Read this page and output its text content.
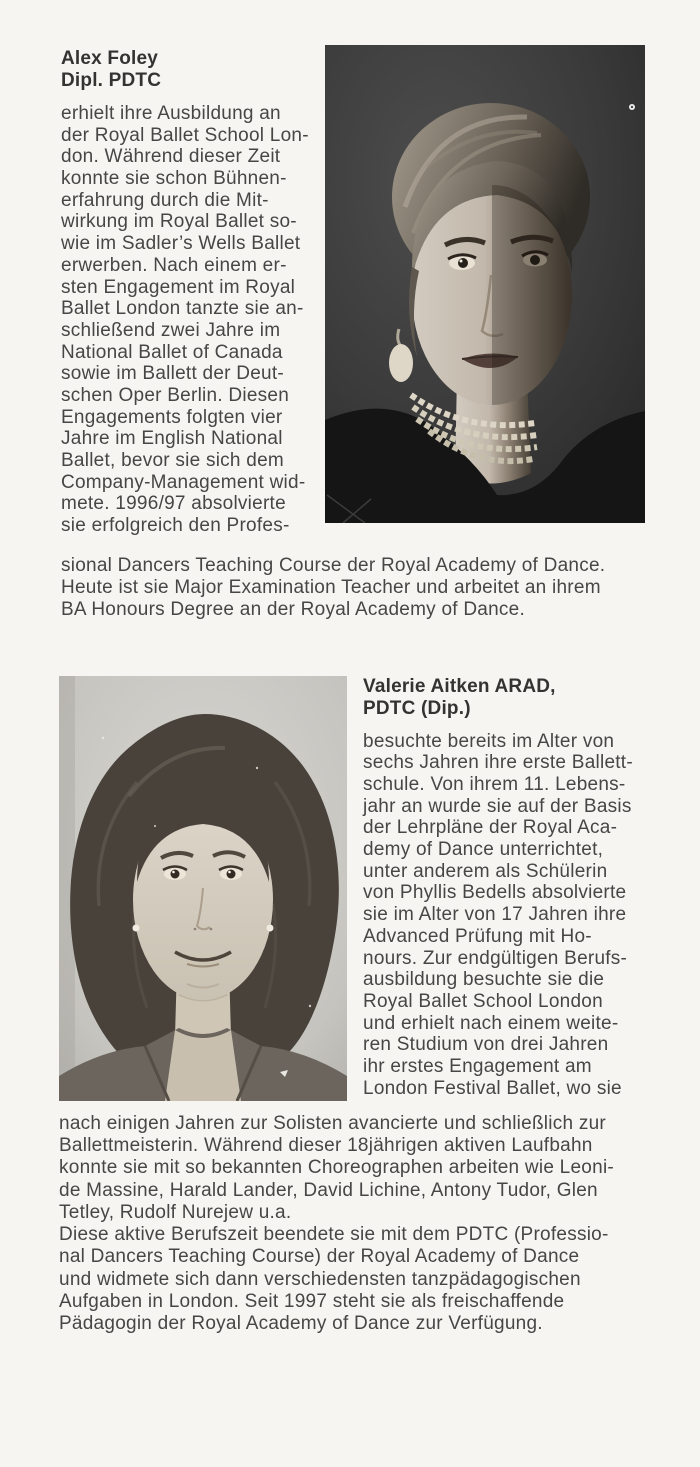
Alex Foley
Dipl. PDTC
erhielt ihre Ausbildung an
der Royal Ballet School Lon-
don. Während dieser Zeit
konnte sie schon Bühnen-
erfahrung durch die Mit-
wirkung im Royal Ballet so-
wie im Sadler’s Wells Ballet
erwerben. Nach einem er-
sten Engagement im Royal
Ballet London tanzte sie an-
schließend zwei Jahre im
National Ballet of Canada
sowie im Ballett der Deut-
schen Oper Berlin. Diesen
Engagements folgten vier
Jahre im English National
Ballet, bevor sie sich dem
Company-Management wid-
mete. 1996/97 absolvierte
sie erfolgreich den Profes-
sional Dancers Teaching Course der Royal Academy of Dance.
Heute ist sie Major Examination Teacher und arbeitet an ihrem
BA Honours Degree an der Royal Academy of Dance.
Valerie Aitken ARAD,
PDTC (Dip.)
besuchte bereits im Alter von
sechs Jahren ihre erste Ballett-
schule. Von ihrem 11. Lebens-
jahr an wurde sie auf der Basis
der Lehrpläne der Royal Aca-
demy of Dance unterrichtet,
unter anderem als Schülerin
von Phyllis Bedells absolvierte
sie im Alter von 17 Jahren ihre
Advanced Prüfung mit Ho-
nours. Zur endgültigen Berufs-
ausbildung besuchte sie die
Royal Ballet School London
und erhielt nach einem weite-
ren Studium von drei Jahren
ihr erstes Engagement am
London Festival Ballet, wo sie
nach einigen Jahren zur Solisten avancierte und schließlich zur
Ballettmeisterin. Während dieser 18jährigen aktiven Laufbahn
konnte sie mit so bekannten Choreographen arbeiten wie Leoni-
de Massine, Harald Lander, David Lichine, Antony Tudor, Glen
Tetley, Rudolf Nurejew u.a.
Diese aktive Berufszeit beendete sie mit dem PDTC (Professio-
nal Dancers Teaching Course) der Royal Academy of Dance
und widmete sich dann verschiedensten tanzpädagogischen
Aufgaben in London. Seit 1997 steht sie als freischaffende
Pädagogin der Royal Academy of Dance zur Verfügung.
